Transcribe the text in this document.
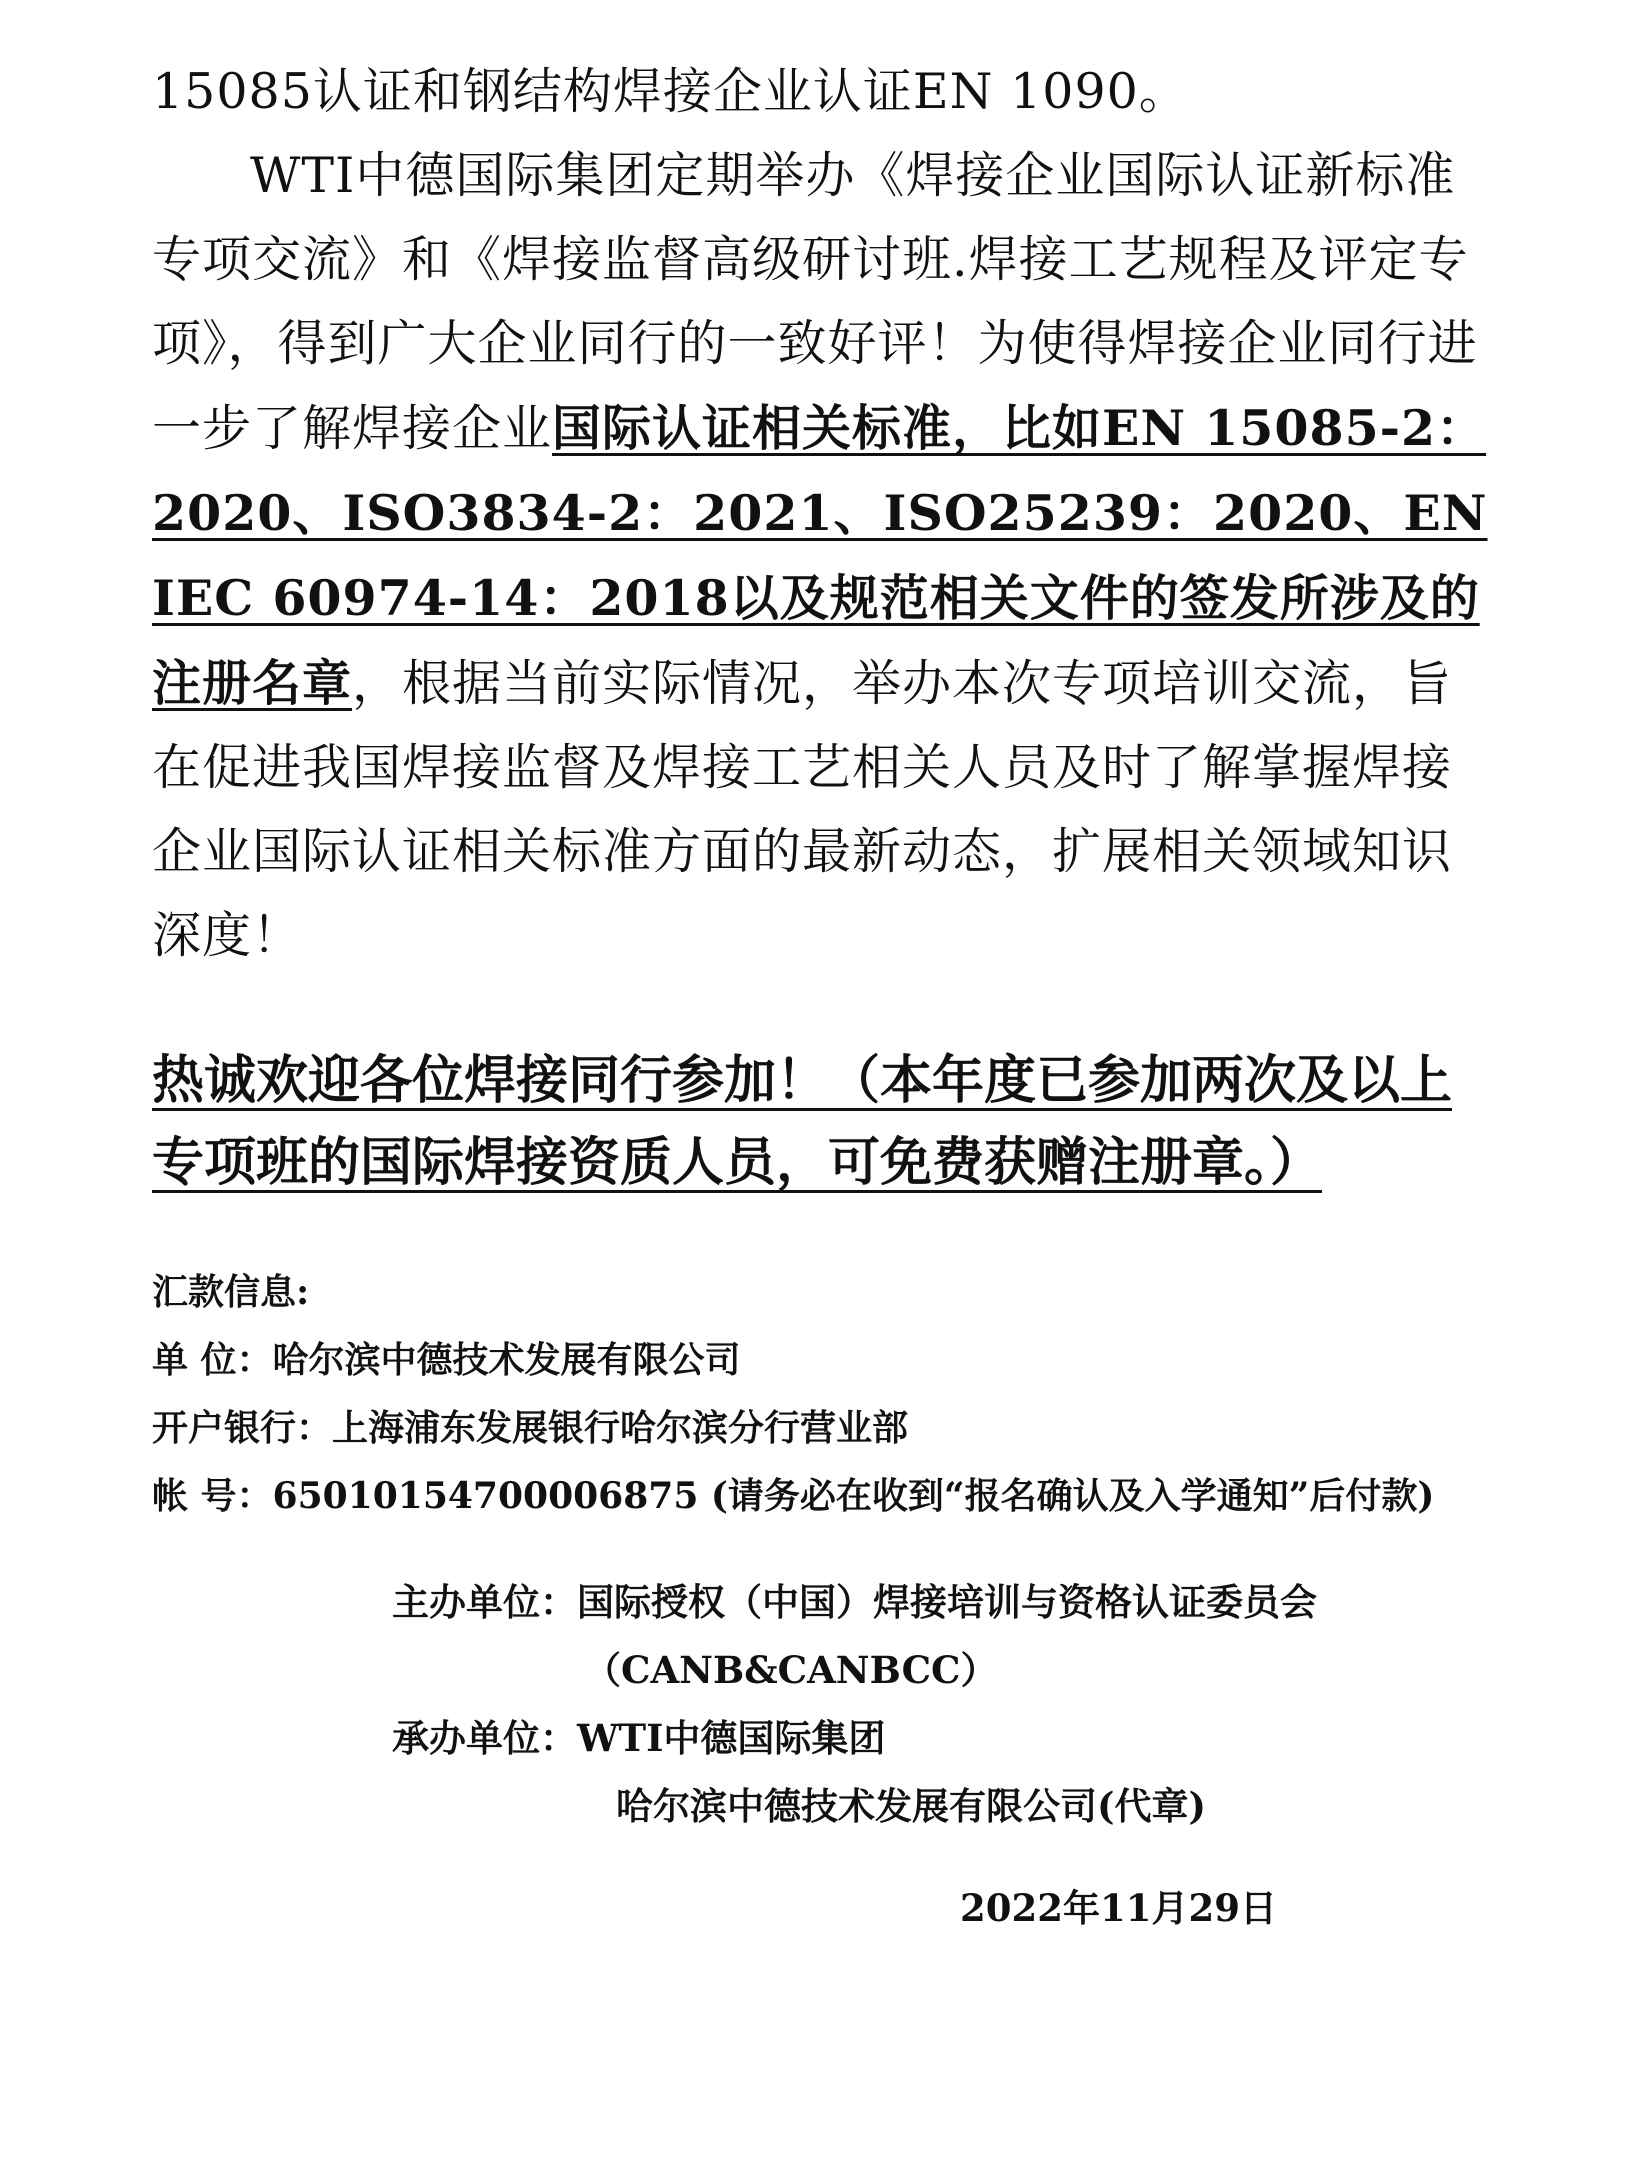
15085认证和钢结构焊接企业认证EN 1090。

WTI中德国际集团定期举办《焊接企业国际认证新标准专项交流》和《焊接监督高级研讨班.焊接工艺规程及评定专项》，得到广大企业同行的一致好评！为使得焊接企业同行进一步了解焊接企业国际认证相关标准，比如EN 15085-2：2020、ISO3834-2：2021、ISO25239：2020、EN IEC 60974-14：2018以及规范相关文件的签发所涉及的注册名章，根据当前实际情况，举办本次专项培训交流，旨在促进我国焊接监督及焊接工艺相关人员及时了解掌握焊接企业国际认证相关标准方面的最新动态，扩展相关领域知识深度！

热诚欢迎各位焊接同行参加！（本年度已参加两次及以上专项班的国际焊接资质人员，可免费获赠注册章。）

汇款信息:
单 位：哈尔滨中德技术发展有限公司
开户银行：上海浦东发展银行哈尔滨分行营业部
帐 号：65010154700006875 (请务必在收到“报名确认及入学通知”后付款)
主办单位：国际授权（中国）焊接培训与资格认证委员会
（CANB&CANBCC）
承办单位：WTI中德国际集团
哈尔滨中德技术发展有限公司(代章)
2022年11月29日
